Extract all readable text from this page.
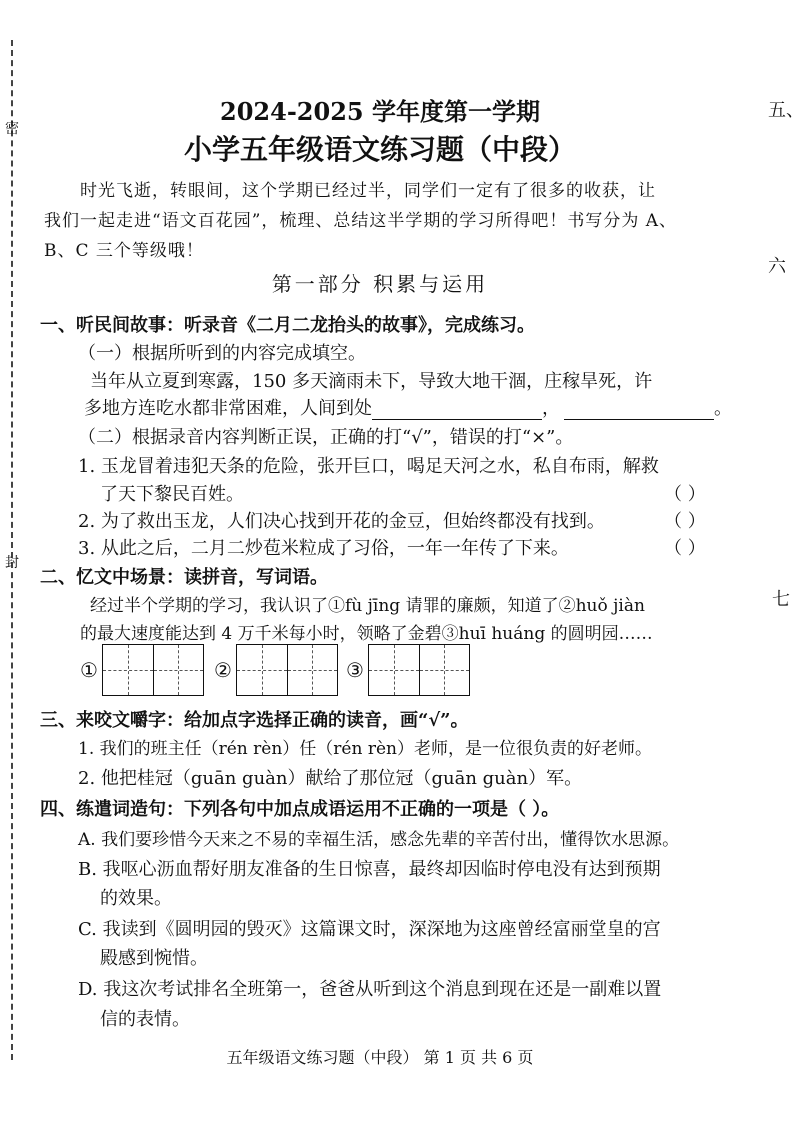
密
封
五、
六
七
2024-2025 学年度第一学期
小学五年级语文练习题（中段）
时光飞逝，转眼间，这个学期已经过半，同学们一定有了很多的收获，让
我们一起走进“语文百花园”，梳理、总结这半学期的学习所得吧！书写分为 A、
B、C 三个等级哦！
第一部分 积累与运用
一、听民间故事：听录音《二月二龙抬头的故事》，完成练习。
（一）根据所听到的内容完成填空。
当年从立夏到寒露，150 多天滴雨未下，导致大地干涸，庄稼旱死，许
多地方连吃水都非常困难，人间到处	，	。
（二）根据录音内容判断正误，正确的打“√”，错误的打“×”。
1. 玉龙冒着违犯天条的危险，张开巨口，喝足天河之水，私自布雨，解救
了天下黎民百姓。	（ ）
2. 为了救出玉龙，人们决心找到开花的金豆，但始终都没有找到。	（ ）
3. 从此之后，二月二炒苞米粒成了习俗，一年一年传了下来。	（ ）
二、忆文中场景：读拼音，写词语。
经过半个学期的学习，我认识了①fù jīng 请罪的廉颇，知道了②huǒ jiàn
的最大速度能达到 4 万千米每小时，领略了金碧③huī huáng 的圆明园……
①	②	③
三、来咬文嚼字：给加点字选择正确的读音，画“√”。
1. 我们的班主任（rén rèn）任（rén rèn）老师，是一位很负责的好老师。
2. 他把桂冠（guān guàn）献给了那位冠（guān guàn）军。
四、练遣词造句：下列各句中加点成语运用不正确的一项是（ ）。
A. 我们要珍惜今天来之不易的幸福生活，感念先辈的辛苦付出，懂得饮水思源。
B. 我呕心沥血帮好朋友准备的生日惊喜，最终却因临时停电没有达到预期
的效果。
C. 我读到《圆明园的毁灭》这篇课文时，深深地为这座曾经富丽堂皇的宫
殿感到惋惜。
D. 我这次考试排名全班第一，爸爸从听到这个消息到现在还是一副难以置
信的表情。
五年级语文练习题（中段） 第 1 页 共 6 页
